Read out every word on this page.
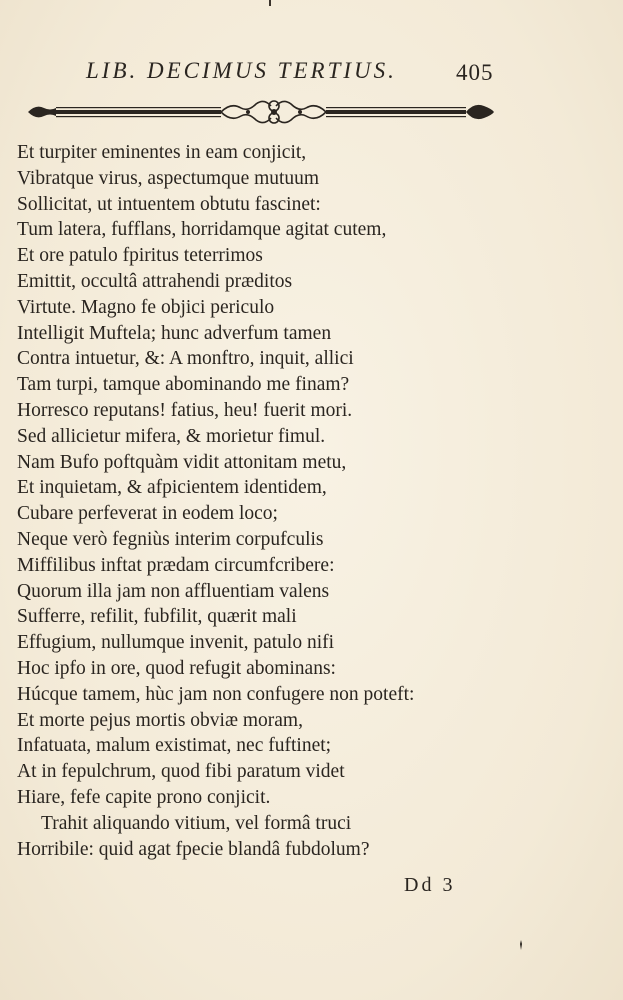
LIB. DECIMUS TERTIUS.	405
Et turpiter eminentes in eam conjicit,
Vibratque virus, aspectumque mutuum
Sollicitat, ut intuentem obtutu fascinet:
Tum latera, fufflans, horridamque agitat cutem,
Et ore patulo fpiritus teterrimos
Emittit, occultâ attrahendi præditos
Virtute. Magno fe objici periculo
Intelligit Muftela; hunc adverfum tamen
Contra intuetur, &: A monftro, inquit, allici
Tam turpi, tamque abominando me finam?
Horresco reputans! fatius, heu! fuerit mori.
Sed allicietur mifera, & morietur fimul.
Nam Bufo poftquàm vidit attonitam metu,
Et inquietam, & afpicientem identidem,
Cubare perfeverat in eodem loco;
Neque verò fegniùs interim corpufculis
Miffilibus inftat prædam circumfcribere:
Quorum illa jam non affluentiam valens
Sufferre, refilit, fubfilit, quærit mali
Effugium, nullumque invenit, patulo nifi
Hoc ipfo in ore, quod refugit abominans:
Húcque tamem, hùc jam non confugere non poteft:
Et morte pejus mortis obviæ moram,
Infatuata, malum existimat, nec fuftinet;
At in fepulchrum, quod fibi paratum videt
Hiare, fefe capite prono conjicit.
Trahit aliquando vitium, vel formâ truci
Horribile: quid agat fpecie blandâ fubdolum?
Dd 3
